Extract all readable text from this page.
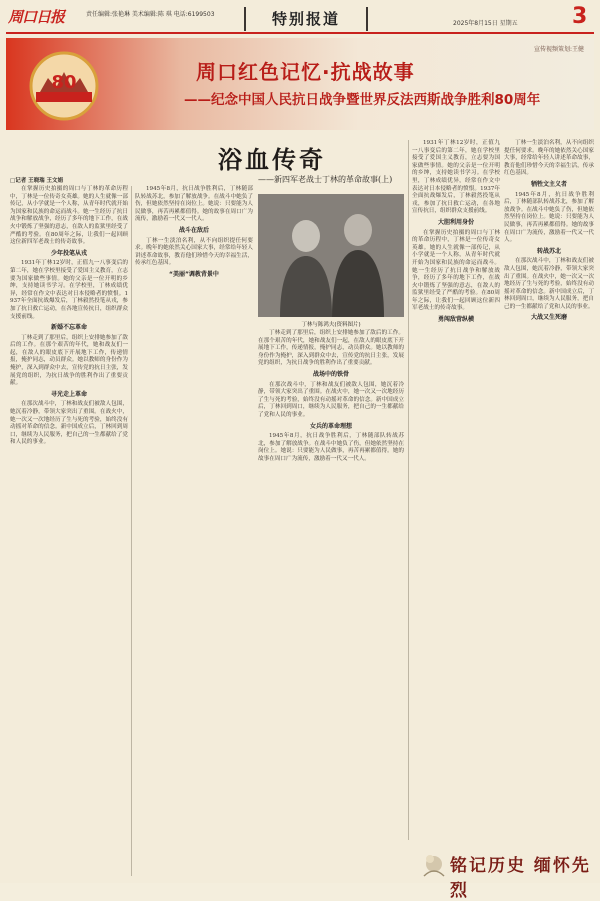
周口日报	责任编辑:张艳琳 美术编辑:陈 琪 电话:6199503	特别报道	2025年8月15日 星期五 3
80
宣传视频策划:王健
周口红色记忆·抗战故事
——纪念中国人民抗日战争暨世界反法西斯战争胜利80周年
浴血传奇
——新四军老战士丁林的革命故事(上)
□记者 王晓瑞 王文娟

在掌握历史拍摄的周口与丁林的革命历程中，丁林是一位传奇女英雄。她的人生就像一部传记，从小学就是一个人称，从青年时代就开始为国家和民族的命运而战斗。她一生经历了抗日战争和解放战争，经历了多年的地下工作，在战火中锻炼了坚强的意志，在敌人的监狱里经受了严酷的考验。在80周年之际，让我们一起回顾这位新四军老战士的传奇故事。

少年投笔从戎

1931年丁林12岁时，正值九一八事变后的第二年，她在学校里接受了爱国主义教育，立志要为国家做些事情。她的父亲是一位开明的乡绅，支持她读书学习。在学校里，丁林成绩优异，经常在作文中表达对日本侵略者的愤恨。1937年全面抗战爆发后，丁林毅然投笔从戎，参加了抗日救亡运动，在各地宣传抗日，组织群众支援前线。

新婚不忘革命

丁林走到了那里后，组织上安排她参加了敌后的工作。在那个艰苦的年代，她和战友们一起，在敌人的眼皮底下开展地下工作，传递情报，掩护同志，动员群众。她以教师的身份作为掩护，深入到群众中去，宣传党的抗日主张，发展党的组织，为抗日战争的胜利作出了重要贡献。

寻光走上革命

在那次战斗中，丁林和战友们被敌人包围，她沉着冷静，带领大家突出了重围。在战火中，她一次又一次地经历了生与死的考验，始终没有动摇对革命的信念。新中国成立后，丁林回到周口，继续为人民服务，把自己的一生都献给了党和人民的事业。

1945年8月，抗日战争胜利后，丁林随部队转战苏北，参加了解放战争。在战斗中她负了伤，但她依然坚持在岗位上。她说：只要能为人民做事，再苦再累都值得。她的故事在周口广为流传，激励着一代又一代人。

战斗在敌后

丁林一生淡泊名利，从不向组织提任何要求。晚年的她依然关心国家大事，经常给年轻人讲述革命故事，教育他们珍惜今天的幸福生活，传承红色基因。

“美丽”调教背景中
丁林与陈鸿夫(资料图片)

丁林走到了那里后，组织上安排她参加了敌后的工作。在那个艰苦的年代，她和战友们一起，在敌人的眼皮底下开展地下工作，传递情报，掩护同志，动员群众。她以教师的身份作为掩护，深入到群众中去，宣传党的抗日主张，发展党的组织，为抗日战争的胜利作出了重要贡献。

战场中的铁骨

在那次战斗中，丁林和战友们被敌人包围，她沉着冷静，带领大家突出了重围。在战火中，她一次又一次地经历了生与死的考验，始终没有动摇对革命的信念。新中国成立后，丁林回到周口，继续为人民服务，把自己的一生都献给了党和人民的事业。

女兵的革命理想

1945年8月，抗日战争胜利后，丁林随部队转战苏北，参加了解放战争。在战斗中她负了伤，但她依然坚持在岗位上。她说：只要能为人民做事，再苦再累都值得。她的故事在周口广为流传，激励着一代又一代人。

1931年丁林12岁时，正值九一八事变后的第二年，她在学校里接受了爱国主义教育，立志要为国家做些事情。她的父亲是一位开明的乡绅，支持她读书学习。在学校里，丁林成绩优异，经常在作文中表达对日本侵略者的愤恨。1937年全面抗战爆发后，丁林毅然投笔从戎，参加了抗日救亡运动，在各地宣传抗日，组织群众支援前线。

大胆利用身份

在掌握历史拍摄的周口与丁林的革命历程中，丁林是一位传奇女英雄。她的人生就像一部传记，从小学就是一个人称，从青年时代就开始为国家和民族的命运而战斗。她一生经历了抗日战争和解放战争，经历了多年的地下工作，在战火中锻炼了坚强的意志，在敌人的监狱里经受了严酷的考验。在80周年之际，让我们一起回顾这位新四军老战士的传奇故事。

勇闯敌营纵横

丁林一生淡泊名利，从不向组织提任何要求。晚年的她依然关心国家大事，经常给年轻人讲述革命故事，教育他们珍惜今天的幸福生活，传承红色基因。

牺牲文主义者

1945年8月，抗日战争胜利后，丁林随部队转战苏北，参加了解放战争。在战斗中她负了伤，但她依然坚持在岗位上。她说：只要能为人民做事，再苦再累都值得。她的故事在周口广为流传，激励着一代又一代人。

转战苏北

在那次战斗中，丁林和战友们被敌人包围，她沉着冷静，带领大家突出了重围。在战火中，她一次又一次地经历了生与死的考验，始终没有动摇对革命的信念。新中国成立后，丁林回到周口，继续为人民服务，把自己的一生都献给了党和人民的事业。

大战又生死磨
铭记历史 缅怀先烈
